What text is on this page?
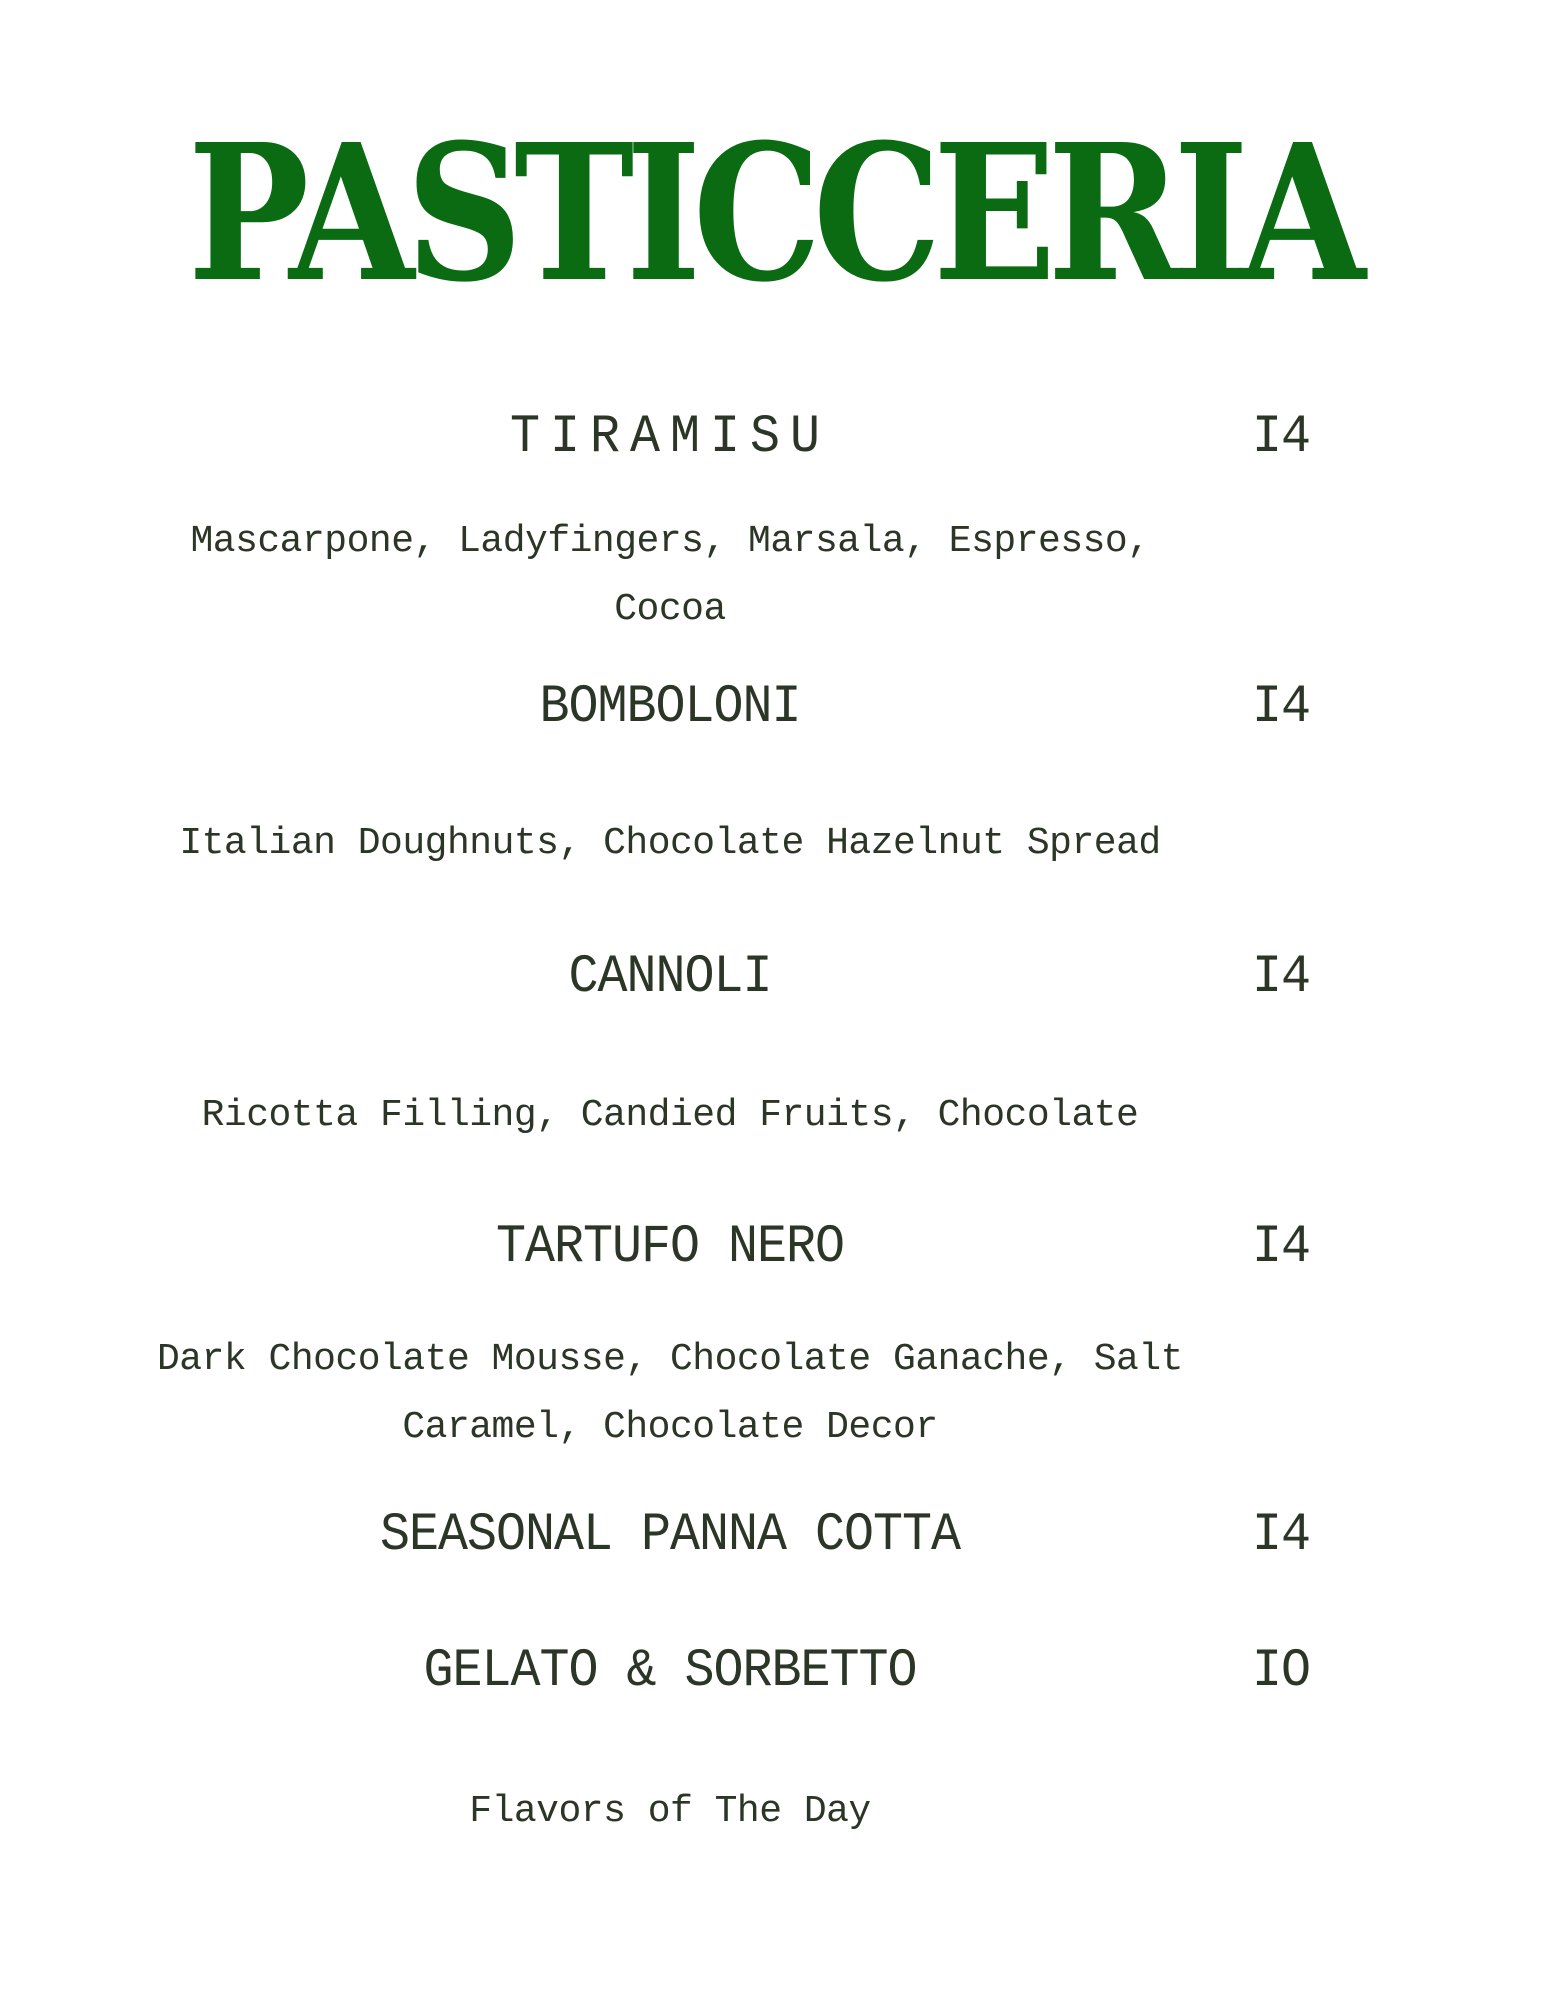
PASTICCERIA
TIRAMISU	I4
Mascarpone, Ladyfingers, Marsala, Espresso,
Cocoa
BOMBOLONI	I4
Italian Doughnuts, Chocolate Hazelnut Spread
CANNOLI	I4
Ricotta Filling, Candied Fruits, Chocolate
TARTUFO NERO	I4
Dark Chocolate Mousse, Chocolate Ganache, Salt
Caramel, Chocolate Decor
SEASONAL PANNA COTTA	I4
GELATO & SORBETTO	IO
Flavors of The Day
